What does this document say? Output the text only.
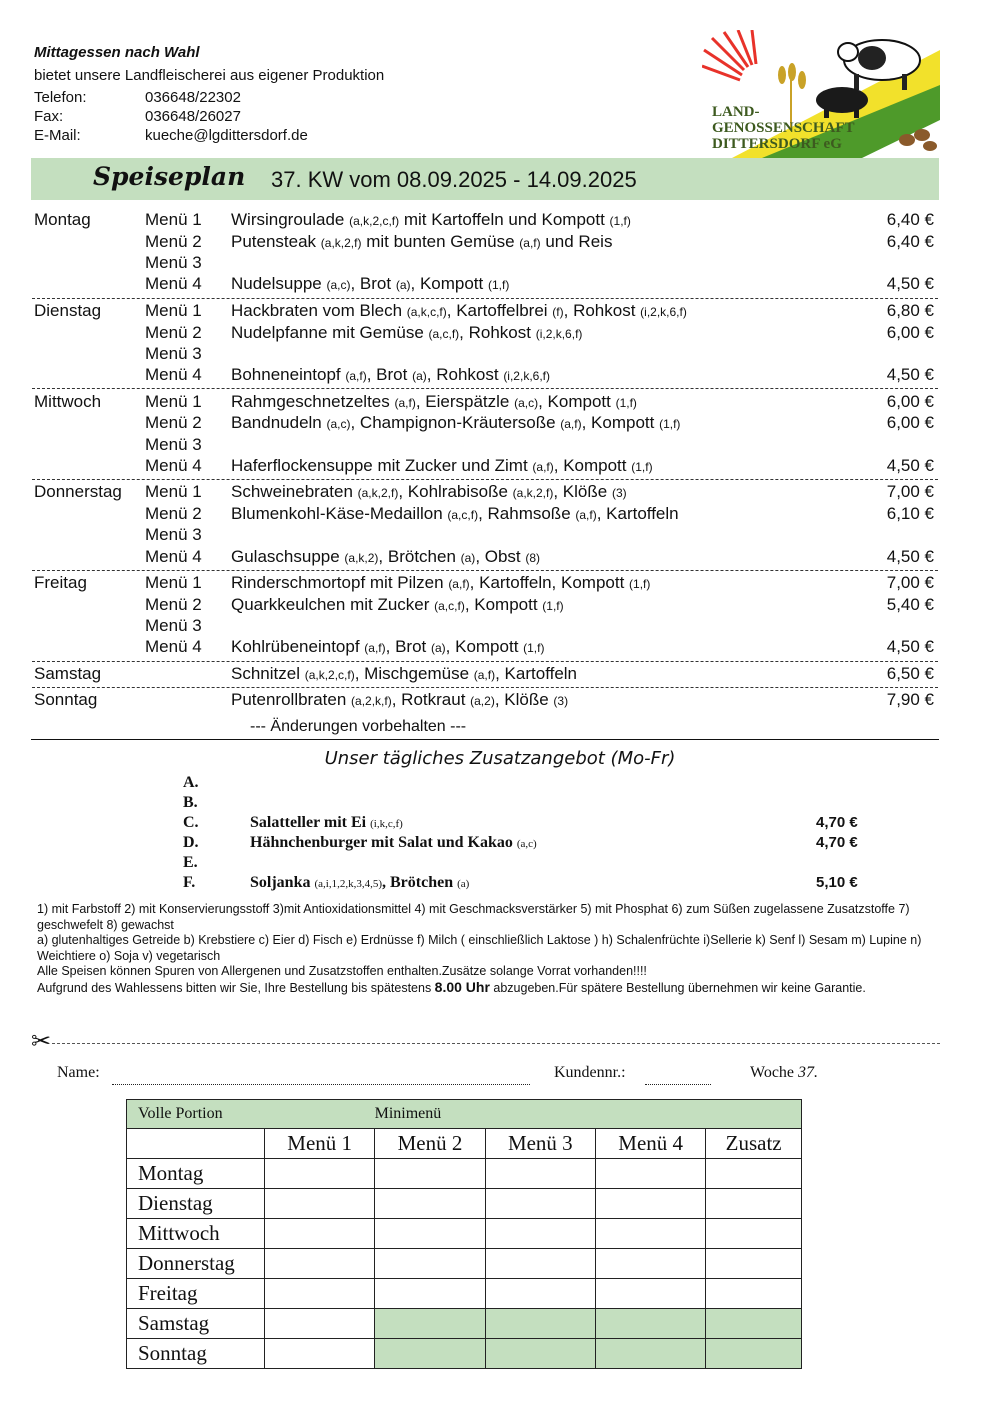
Mittagessen nach Wahl
bietet unsere Landfleischerei aus eigener Produktion
Telefon:	036648/22302
Fax:	036648/26027
E-Mail:	kueche@lgdittersdorf.de
LAND-
GENOSSENSCHAFT
DITTERSDORF eG
Speiseplan 37. KW vom 08.09.2025 - 14.09.2025
Montag	Menü 1 Wirsingroulade (a,k,2,c,f) mit Kartoffeln und Kompott (1,f)	6,40 €
Menü 2 Putensteak (a,k,2,f) mit bunten Gemüse (a,f) und Reis	6,40 €
Menü 3
Menü 4 Nudelsuppe (a,c), Brot (a), Kompott (1,f)	4,50 €
Dienstag	Menü 1 Hackbraten vom Blech (a,k,c,f), Kartoffelbrei (f), Rohkost (i,2,k,6,f)	6,80 €
Menü 2 Nudelpfanne mit Gemüse (a,c,f), Rohkost (i,2,k,6,f)	6,00 €
Menü 3
Menü 4 Bohneneintopf (a,f), Brot (a), Rohkost (i,2,k,6,f)	4,50 €
Mittwoch	Menü 1 Rahmgeschnetzeltes (a,f), Eierspätzle (a,c), Kompott (1,f)	6,00 €
Menü 2 Bandnudeln (a,c), Champignon-Kräutersoße (a,f), Kompott (1,f)	6,00 €
Menü 3
Menü 4 Haferflockensuppe mit Zucker und Zimt (a,f), Kompott (1,f)	4,50 €
Donnerstag Menü 1 Schweinebraten (a,k,2,f), Kohlrabisoße (a,k,2,f), Klöße (3)	7,00 €
Menü 2 Blumenkohl-Käse-Medaillon (a,c,f), Rahmsoße (a,f), Kartoffeln	6,10 €
Menü 3
Menü 4 Gulaschsuppe (a,k,2), Brötchen (a), Obst (8)	4,50 €
Freitag	Menü 1 Rinderschmortopf mit Pilzen (a,f), Kartoffeln, Kompott (1,f)	7,00 €
Menü 2 Quarkkeulchen mit Zucker (a,c,f), Kompott (1,f)	5,40 €
Menü 3
Menü 4 Kohlrübeneintopf (a,f), Brot (a), Kompott (1,f)	4,50 €
Samstag	Schnitzel (a,k,2,c,f), Mischgemüse (a,f), Kartoffeln	6,50 €
Sonntag	Putenrollbraten (a,2,k,f), Rotkraut (a,2), Klöße (3)	7,90 €
--- Änderungen vorbehalten ---
Unser tägliches Zusatzangebot (Mo-Fr)
A.
B.
C.	Salatteller mit Ei (i,k,c,f)	4,70 €
D.	Hähnchenburger mit Salat und Kakao (a,c)	4,70 €
E.
F.	Soljanka (a,i,1,2,k,3,4,5), Brötchen (a)	5,10 €
1) mit Farbstoff 2) mit Konservierungsstoff 3)mit Antioxidationsmittel 4) mit Geschmacksverstärker 5) mit Phosphat 6) zum Süßen zugelassene Zusatzstoffe 7) geschwefelt 8) gewachst
a) glutenhaltiges Getreide b) Krebstiere c) Eier d) Fisch e) Erdnüsse f) Milch ( einschließlich Laktose ) h) Schalenfrüchte i)Sellerie k) Senf l) Sesam m) Lupine n) Weichtiere o) Soja v) vegetarisch
Alle Speisen können Spuren von Allergenen und Zusatzstoffen enthalten.Zusätze solange Vorrat vorhanden!!!!
Aufgrund des Wahlessens bitten wir Sie, Ihre Bestellung bis spätestens 8.00 Uhr abzugeben.Für spätere Bestellung übernehmen wir keine Garantie.
✂
Name:	Kundennr.:	Woche 37.
Volle Portion Minimenü					
	Menü 1	Menü 2	Menü 3	Menü 4	Zusatz
Montag					
Dienstag					
Mittwoch					
Donnerstag					
Freitag					
Samstag					
Sonntag					
